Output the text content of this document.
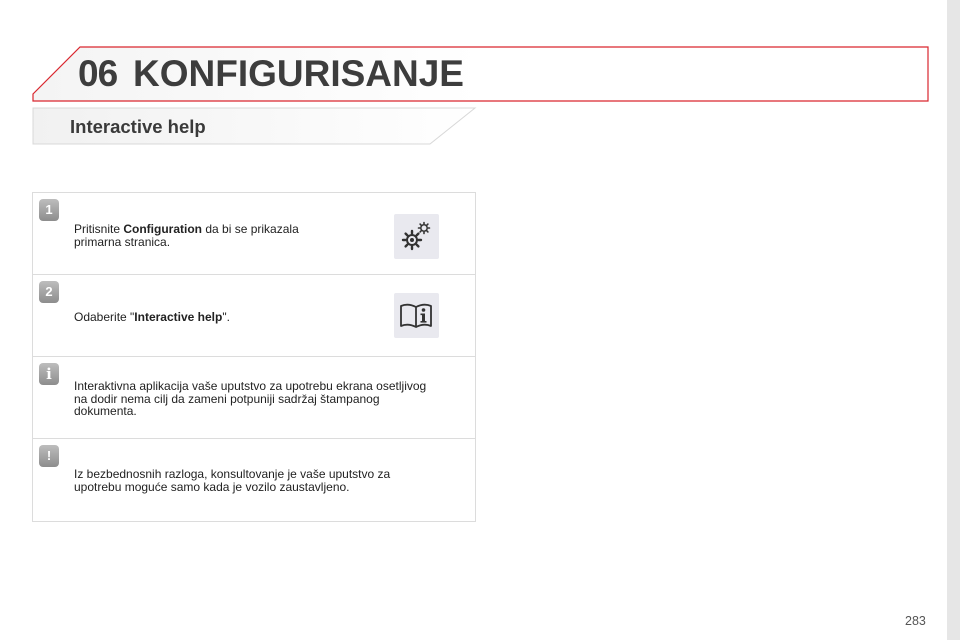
06 KONFIGURISANJE
Interactive help
1
Pritisnite Configuration da bi se prikazala
primarna stranica.
2
Odaberite "Interactive help".
i
Interaktivna aplikacija vaše uputstvo za upotrebu ekrana osetljivog
na dodir nema cilj da zameni potpuniji sadržaj štampanog
dokumenta.
!
Iz bezbednosnih razloga, konsultovanje je vaše uputstvo za
upotrebu moguće samo kada je vozilo zaustavljeno.
283
